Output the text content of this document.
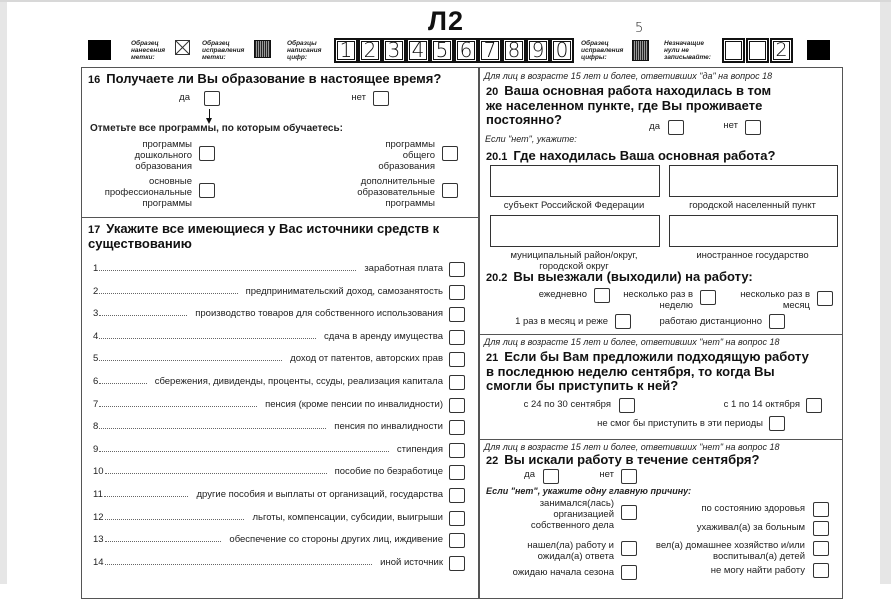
Л2
Образец нанесения метки:
Образец исправления метки:
Образцы написания цифр:	1 2 3 4 5 6 7 8 9 0	Образец исправления цифры:
5
Незначащие нули не записывайте:	2
16 Получаете ли Вы образование в настоящее время?
да	нет
Отметьте все программы, по которым обучаетесь:
программы дошкольного образования
программы общего образования
основные профессиональные программы
дополнительные образовательные программы
17 Укажите все имеющиеся у Вас источники средств к существованию
1	заработная плата
2	предпринимательский доход, самозанятость
3	производство товаров для собственного использования
4	сдача в аренду имущества
5	доход от патентов, авторских прав
6	сбережения, дивиденды, проценты, ссуды, реализация капитала
7	пенсия (кроме пенсии по инвалидности)
8	пенсия по инвалидности
9	стипендия
10	пособие по безработице
11	другие пособия и выплаты от организаций, государства
12	льготы, компенсации, субсидии, выигрыши
13	обеспечение со стороны других лиц, иждивение
14	иной источник
Для лиц в возрасте 15 лет и более, ответивших "да" на вопрос 18
20 Ваша основная работа находилась в том же населенном пункте, где Вы проживаете постоянно?	да	нет
Если "нет", укажите:
20.1 Где находилась Ваша основная работа?
субъект Российской Федерации	городской населенный пункт
муниципальный район/округ, городской округ
иностранное государство
20.2 Вы выезжали (выходили) на работу:
ежедневно	несколько раз в неделю
несколько раз в месяц
1 раз в месяц и реже	работаю дистанционно
Для лиц в возрасте 15 лет и более, ответивших "нет" на вопрос 18
21 Если бы Вам предложили подходящую работу в последнюю неделю сентября, то когда Вы смогли бы приступить к ней?
с 24 по 30 сентября	с 1 по 14 октября
не смог бы приступить в эти периоды
Для лиц в возрасте 15 лет и более, ответивших "нет" на вопрос 18
22 Вы искали работу в течение сентября?
да	нет
Если "нет", укажите одну главную причину:
занимался(лась) организацией собственного дела
по состоянию здоровья
ухаживал(а) за больным
нашел(ла) работу и ожидал(а) ответа
вел(а) домашнее хозяйство и/или воспитывал(а) детей
ожидаю начала сезона	не могу найти работу
